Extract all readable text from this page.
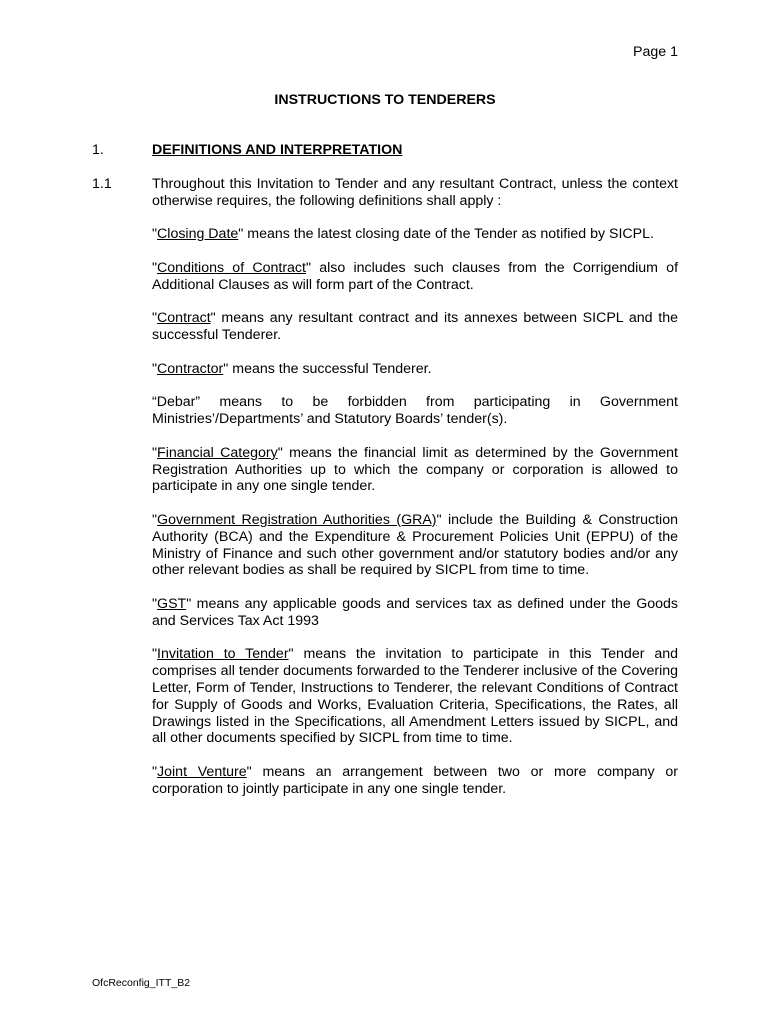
Page 1
INSTRUCTIONS TO TENDERERS
1.	DEFINITIONS AND INTERPRETATION
1.1	Throughout this Invitation to Tender and any resultant Contract, unless the context otherwise requires, the following definitions shall apply :

"Closing Date" means the latest closing date of the Tender as notified by SICPL.

"Conditions of Contract" also includes such clauses from the Corrigendium of Additional Clauses as will form part of the Contract.

"Contract" means any resultant contract and its annexes between SICPL and the successful Tenderer.

"Contractor" means the successful Tenderer.

“Debar” means to be forbidden from participating in Government Ministries’/Departments’ and Statutory Boards’ tender(s).

"Financial Category" means the financial limit as determined by the Government Registration Authorities up to which the company or corporation is allowed to participate in any one single tender.

"Government Registration Authorities (GRA)" include the Building & Construction Authority (BCA) and the Expenditure & Procurement Policies Unit (EPPU) of the Ministry of Finance and such other government and/or statutory bodies and/or any other relevant bodies as shall be required by SICPL from time to time.

"GST" means any applicable goods and services tax as defined under the Goods and Services Tax Act 1993

"Invitation to Tender" means the invitation to participate in this Tender and comprises all tender documents forwarded to the Tenderer inclusive of the Covering Letter, Form of Tender, Instructions to Tenderer, the relevant Conditions of Contract for Supply of Goods and Works, Evaluation Criteria, Specifications, the Rates, all Drawings listed in the Specifications, all Amendment Letters issued by SICPL, and all other documents specified by SICPL from time to time.

"Joint Venture" means an arrangement between two or more company or corporation to jointly participate in any one single tender.

OfcReconfig_ITT_B2
